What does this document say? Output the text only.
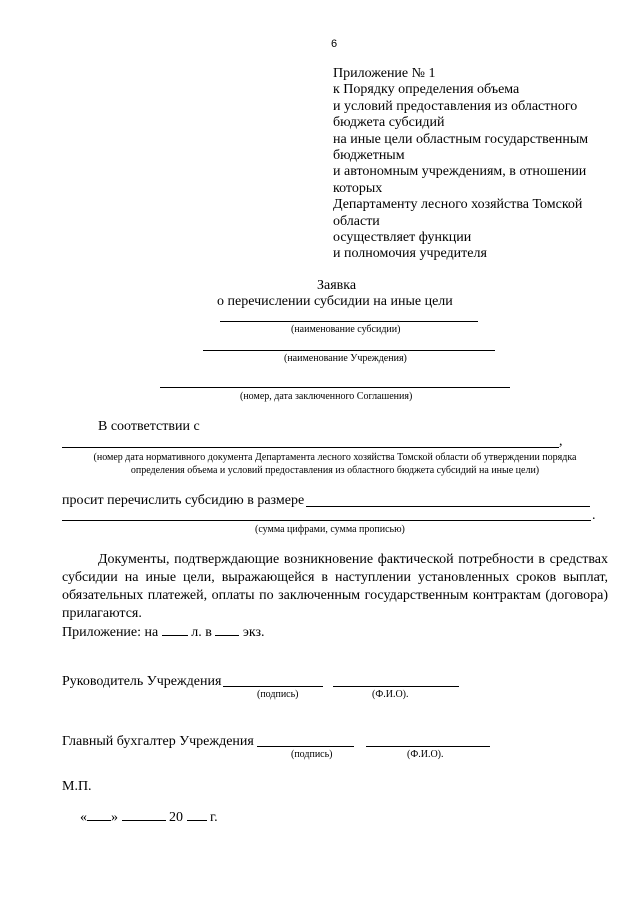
6
Приложение № 1
к Порядку определения объема
и условий предоставления из областного
бюджета субсидий
на иные цели областным государственным
бюджетным
и автономным учреждениям, в отношении
которых
Департаменту лесного хозяйства Томской
области
осуществляет функции
и полномочия учредителя
Заявка
о перечислении субсидии на иные цели
(наименование субсидии)
(наименование Учреждения)
(номер, дата заключенного Соглашения)
В соответствии с
,
(номер дата нормативного документа Департамента лесного хозяйства Томской области об утверждении порядка
определения объема и условий предоставления из областного бюджета субсидий на иные цели)
просит перечислить субсидию в размере
.
(сумма цифрами, сумма прописью)
Документы, подтверждающие возникновение фактической потребности в средствах субсидии на иные цели, выражающейся в наступлении установленных сроков выплат, обязательных платежей, оплаты по заключенным государственным контрактам (договора) прилагаются.
Приложение: на л. в экз.
Руководитель Учреждения
(подпись)	(Ф.И.О).
Главный бухгалтер Учреждения
(подпись)	(Ф.И.О).
М.П.
« »	20 г.
